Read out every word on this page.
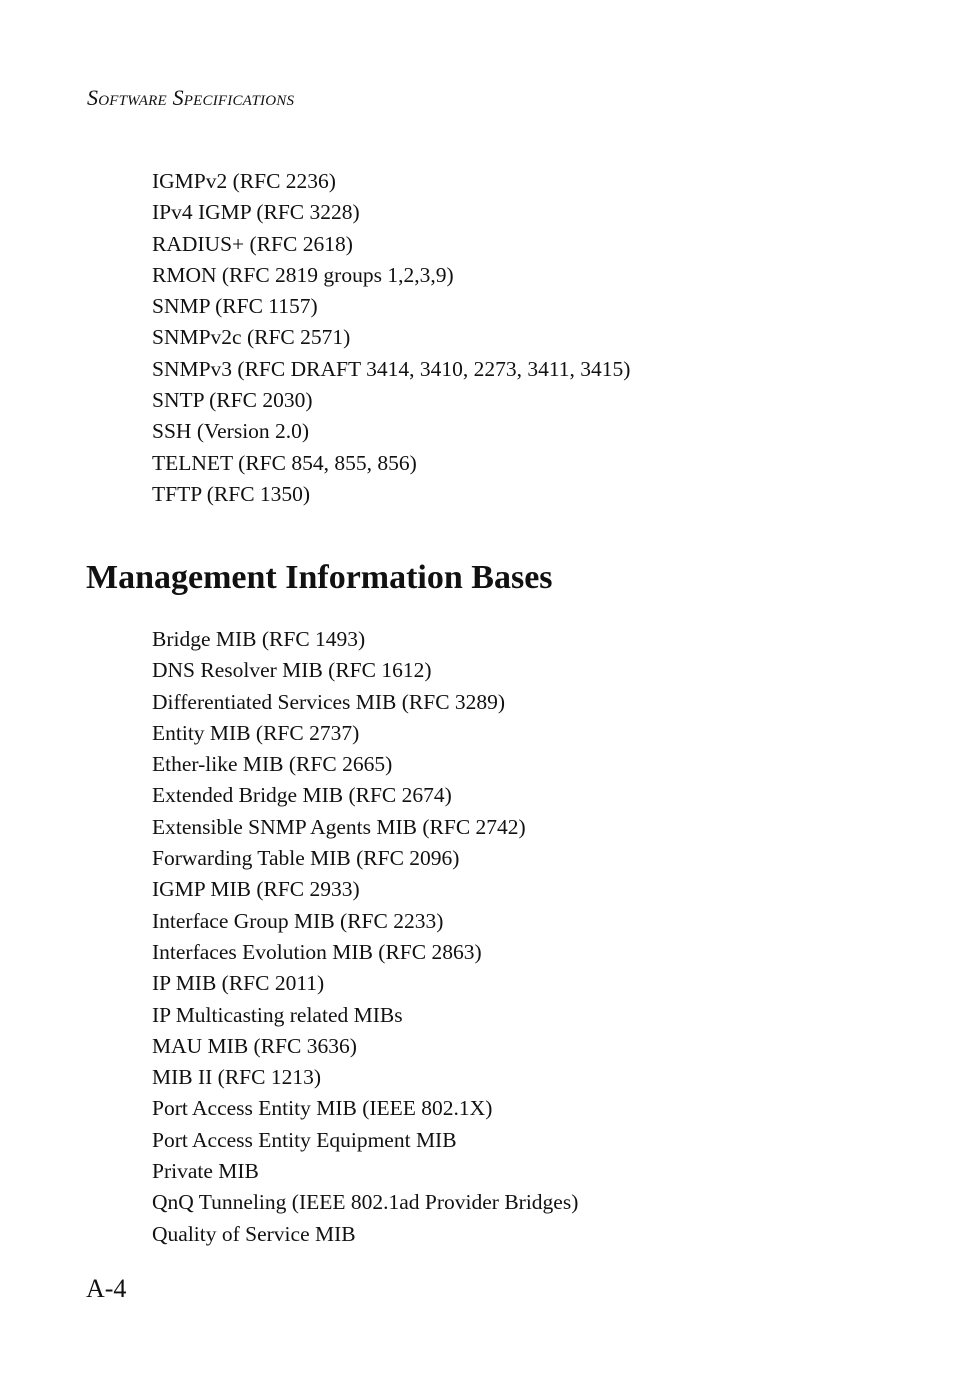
Software Specifications
IGMPv2 (RFC 2236)
IPv4 IGMP (RFC 3228)
RADIUS+ (RFC 2618)
RMON (RFC 2819 groups 1,2,3,9)
SNMP (RFC 1157)
SNMPv2c (RFC 2571)
SNMPv3 (RFC DRAFT 3414, 3410, 2273, 3411, 3415)
SNTP (RFC 2030)
SSH (Version 2.0)
TELNET (RFC 854, 855, 856)
TFTP (RFC 1350)
Management Information Bases
Bridge MIB (RFC 1493)
DNS Resolver MIB (RFC 1612)
Differentiated Services MIB (RFC 3289)
Entity MIB (RFC 2737)
Ether-like MIB (RFC 2665)
Extended Bridge MIB (RFC 2674)
Extensible SNMP Agents MIB (RFC 2742)
Forwarding Table MIB (RFC 2096)
IGMP MIB (RFC 2933)
Interface Group MIB (RFC 2233)
Interfaces Evolution MIB (RFC 2863)
IP MIB (RFC 2011)
IP Multicasting related MIBs
MAU MIB (RFC 3636)
MIB II (RFC 1213)
Port Access Entity MIB (IEEE 802.1X)
Port Access Entity Equipment MIB
Private MIB
QnQ Tunneling (IEEE 802.1ad Provider Bridges)
Quality of Service MIB
A-4
